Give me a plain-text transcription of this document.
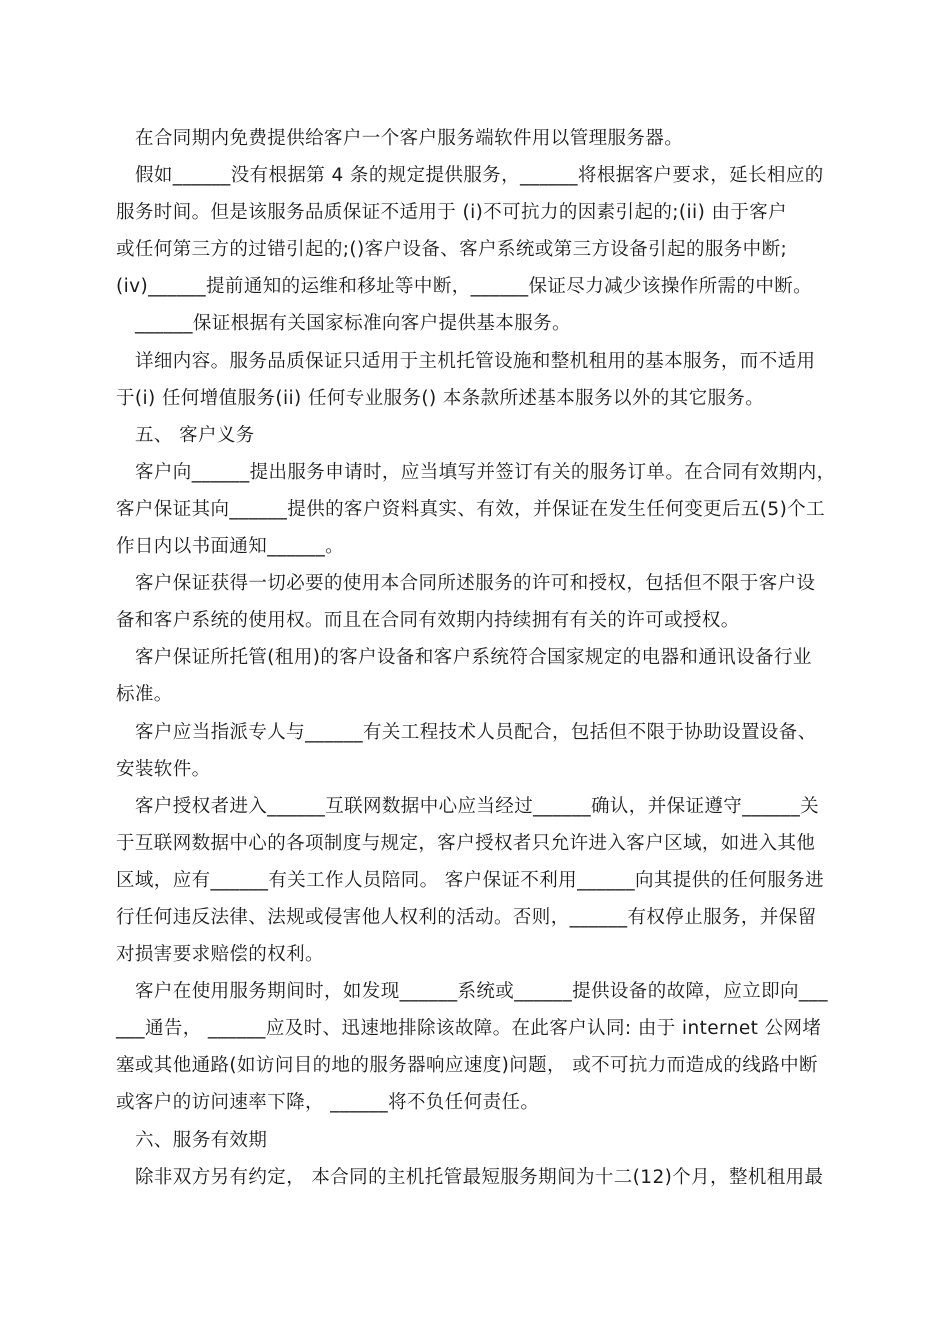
在合同期内免费提供给客户一个客户服务端软件用以管理服务器。
假如______没有根据第 4 条的规定提供服务，______将根据客户要求，延长相应的
服务时间。但是该服务品质保证不适用于 (i)不可抗力的因素引起的;(ii) 由于客户
或任何第三方的过错引起的;()客户设备、客户系统或第三方设备引起的服务中断;
(iv)______提前通知的运维和移址等中断，______保证尽力减少该操作所需的中断。
______保证根据有关国家标准向客户提供基本服务。
详细内容。服务品质保证只适用于主机托管设施和整机租用的基本服务，而不适用
于(i) 任何增值服务(ii) 任何专业服务() 本条款所述基本服务以外的其它服务。
五、 客户义务
客户向______提出服务申请时，应当填写并签订有关的服务订单。在合同有效期内，
客户保证其向______提供的客户资料真实、有效，并保证在发生任何变更后五(5)个工
作日内以书面通知______。
客户保证获得一切必要的使用本合同所述服务的许可和授权，包括但不限于客户设
备和客户系统的使用权。而且在合同有效期内持续拥有有关的许可或授权。
客户保证所托管(租用)的客户设备和客户系统符合国家规定的电器和通讯设备行业
标准。
客户应当指派专人与______有关工程技术人员配合，包括但不限于协助设置设备、
安装软件。
客户授权者进入______互联网数据中心应当经过______确认，并保证遵守______关
于互联网数据中心的各项制度与规定，客户授权者只允许进入客户区域，如进入其他
区域，应有______有关工作人员陪同。 客户保证不利用______向其提供的任何服务进
行任何违反法律、法规或侵害他人权利的活动。否则，______有权停止服务，并保留
对损害要求赔偿的权利。
客户在使用服务期间时，如发现______系统或______提供设备的故障，应立即向___
___通告， ______应及时、迅速地排除该故障。在此客户认同: 由于 internet 公网堵
塞或其他通路(如访问目的地的服务器响应速度)问题， 或不可抗力而造成的线路中断
或客户的访问速率下降， ______将不负任何责任。
六、服务有效期
除非双方另有约定， 本合同的主机托管最短服务期间为十二(12)个月，整机租用最
